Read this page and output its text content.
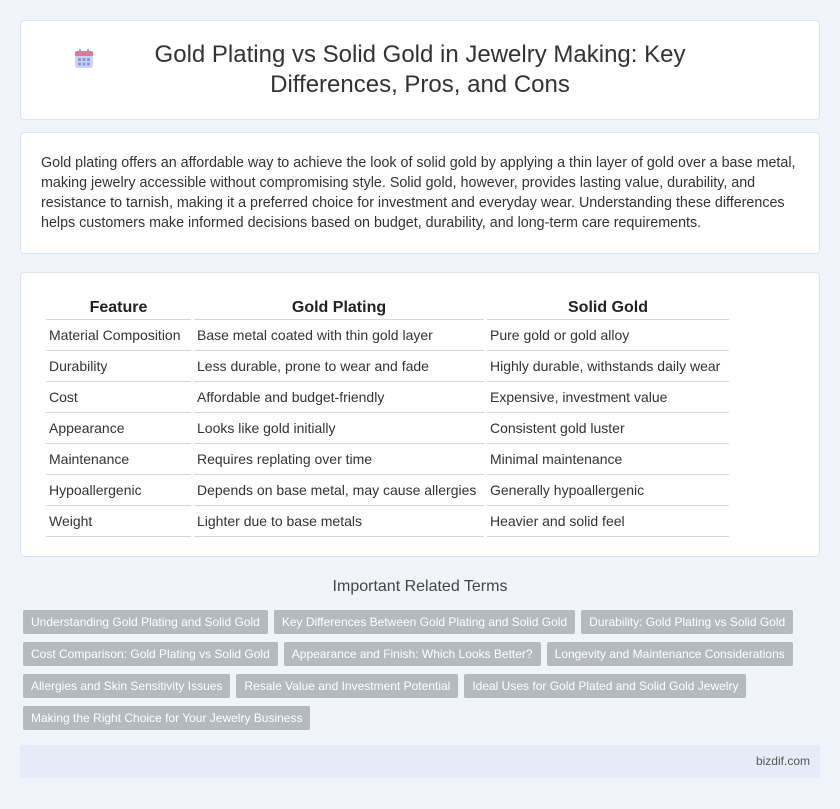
Gold Plating vs Solid Gold in Jewelry Making: Key Differences, Pros, and Cons

Gold plating offers an affordable way to achieve the look of solid gold by applying a thin layer of gold over a base metal, making jewelry accessible without compromising style. Solid gold, however, provides lasting value, durability, and resistance to tarnish, making it a preferred choice for investment and everyday wear. Understanding these differences helps customers make informed decisions based on budget, durability, and long-term care requirements.

Feature	Gold Plating	Solid Gold
Material Composition	Base metal coated with thin gold layer	Pure gold or gold alloy
Durability	Less durable, prone to wear and fade	Highly durable, withstands daily wear
Cost	Affordable and budget-friendly	Expensive, investment value
Appearance	Looks like gold initially	Consistent gold luster
Maintenance	Requires replating over time	Minimal maintenance
Hypoallergenic	Depends on base metal, may cause allergies	Generally hypoallergenic
Weight	Lighter due to base metals	Heavier and solid feel
Important Related Terms
Understanding Gold Plating and Solid Gold	Key Differences Between Gold Plating and Solid Gold	Durability: Gold Plating vs Solid Gold
Cost Comparison: Gold Plating vs Solid Gold	Appearance and Finish: Which Looks Better?	Longevity and Maintenance Considerations
Allergies and Skin Sensitivity Issues	Resale Value and Investment Potential	Ideal Uses for Gold Plated and Solid Gold Jewelry
Making the Right Choice for Your Jewelry Business
bizdif.com
